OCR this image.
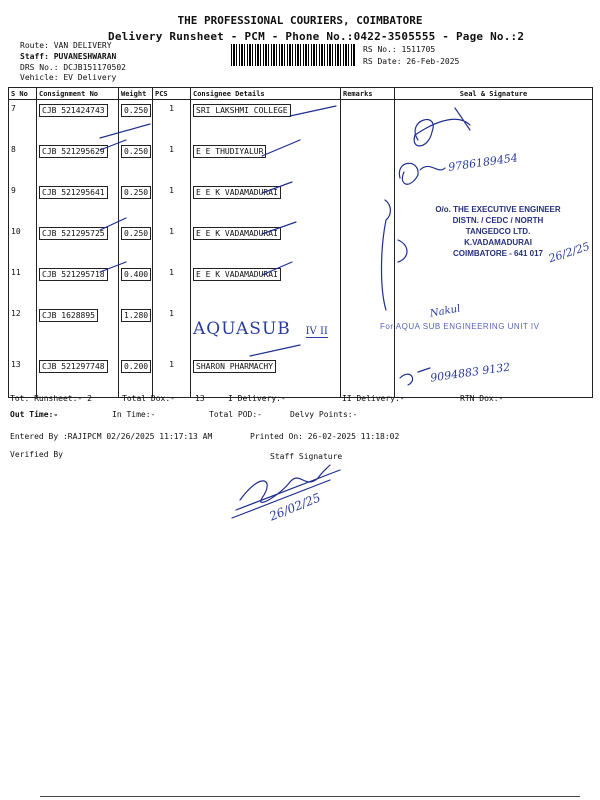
THE PROFESSIONAL COURIERS, COIMBATORE
Delivery Runsheet - PCM - Phone No.:0422-3505555 - Page No.:2
Route: VAN DELIVERY
Staff: PUVANESHWARAN
DRS No.: DCJB151170502
Vehicle: EV Delivery
RS No.: 1511705
RS Date: 26-Feb-2025
S No	Consignment No	Weight	PCS	Consignee Details	Remarks	Seal & Signature
7	CJB 521424743	0.250	1	SRI LAKSHMI COLLEGE		
8	CJB 521295629	0.250	1	E E THUDIYALUR		
9	CJB 521295641	0.250	1	E E K VADAMADURAI		
10	CJB 521295725	0.250	1	E E K VADAMADURAI		
11	CJB 521295718	0.400	1	E E K VADAMADURAI		
12	CJB 1628895	1.280	1	AQUASUB IV II		
13	CJB 521297748	0.200	1	SHARON PHARMACHY		
9786189454
O/o. THE EXECUTIVE ENGINEER
DISTN. / CEDC / NORTH
TANGEDCO LTD.
K.VADAMADURAI
COIMBATORE - 641 017 26/2/25
Nakul
For AQUA SUB ENGINEERING UNIT IV
9094883 9132
Tot. Runsheet:- 2	Total Dox:-	13	I Delivery:-	II Delivery:-	RTN Dox:-
Out Time:-	In Time:-	Total POD:-	Delvy Points:-
Entered By :RAJIPCM 02/26/2025 11:17:13 AM	Printed On: 26-02-2025 11:18:02
Verified By	Staff Signature
26/02/25
